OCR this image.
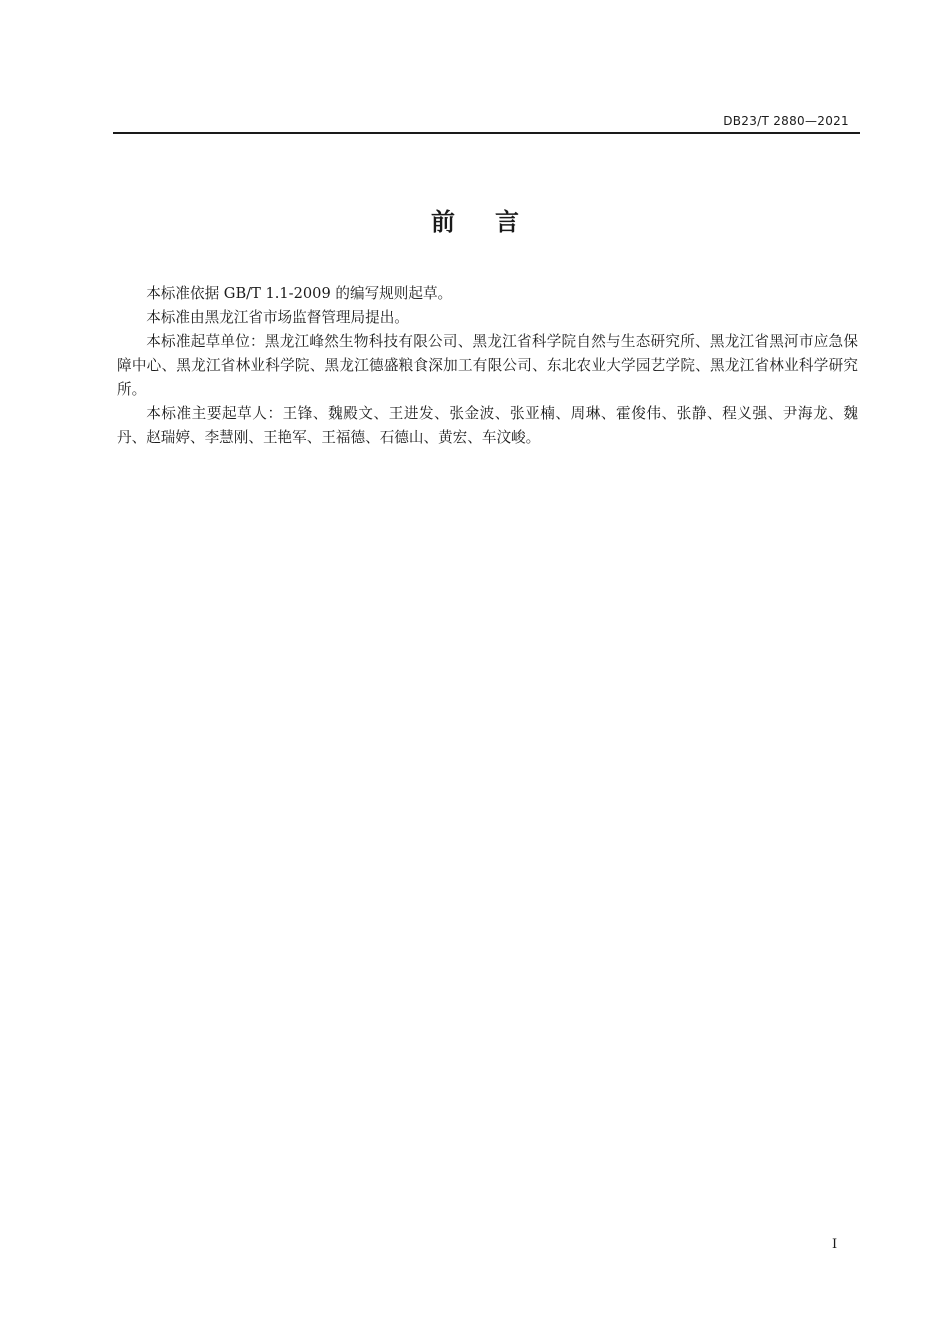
DB23/T 2880—2021
前 言

本标准依据 GB/T 1.1-2009 的编写规则起草。

本标准由黑龙江省市场监督管理局提出。

本标准起草单位：黑龙江峰然生物科技有限公司、黑龙江省科学院自然与生态研究所、黑龙江省黑河市应急保障中心、黑龙江省林业科学院、黑龙江德盛粮食深加工有限公司、东北农业大学园艺学院、黑龙江省林业科学研究所。

本标准主要起草人：王锋、魏殿文、王进发、张金波、张亚楠、周琳、霍俊伟、张静、程义强、尹海龙、魏丹、赵瑞婷、李慧刚、王艳军、王福德、石德山、黄宏、车汶峻。

I
